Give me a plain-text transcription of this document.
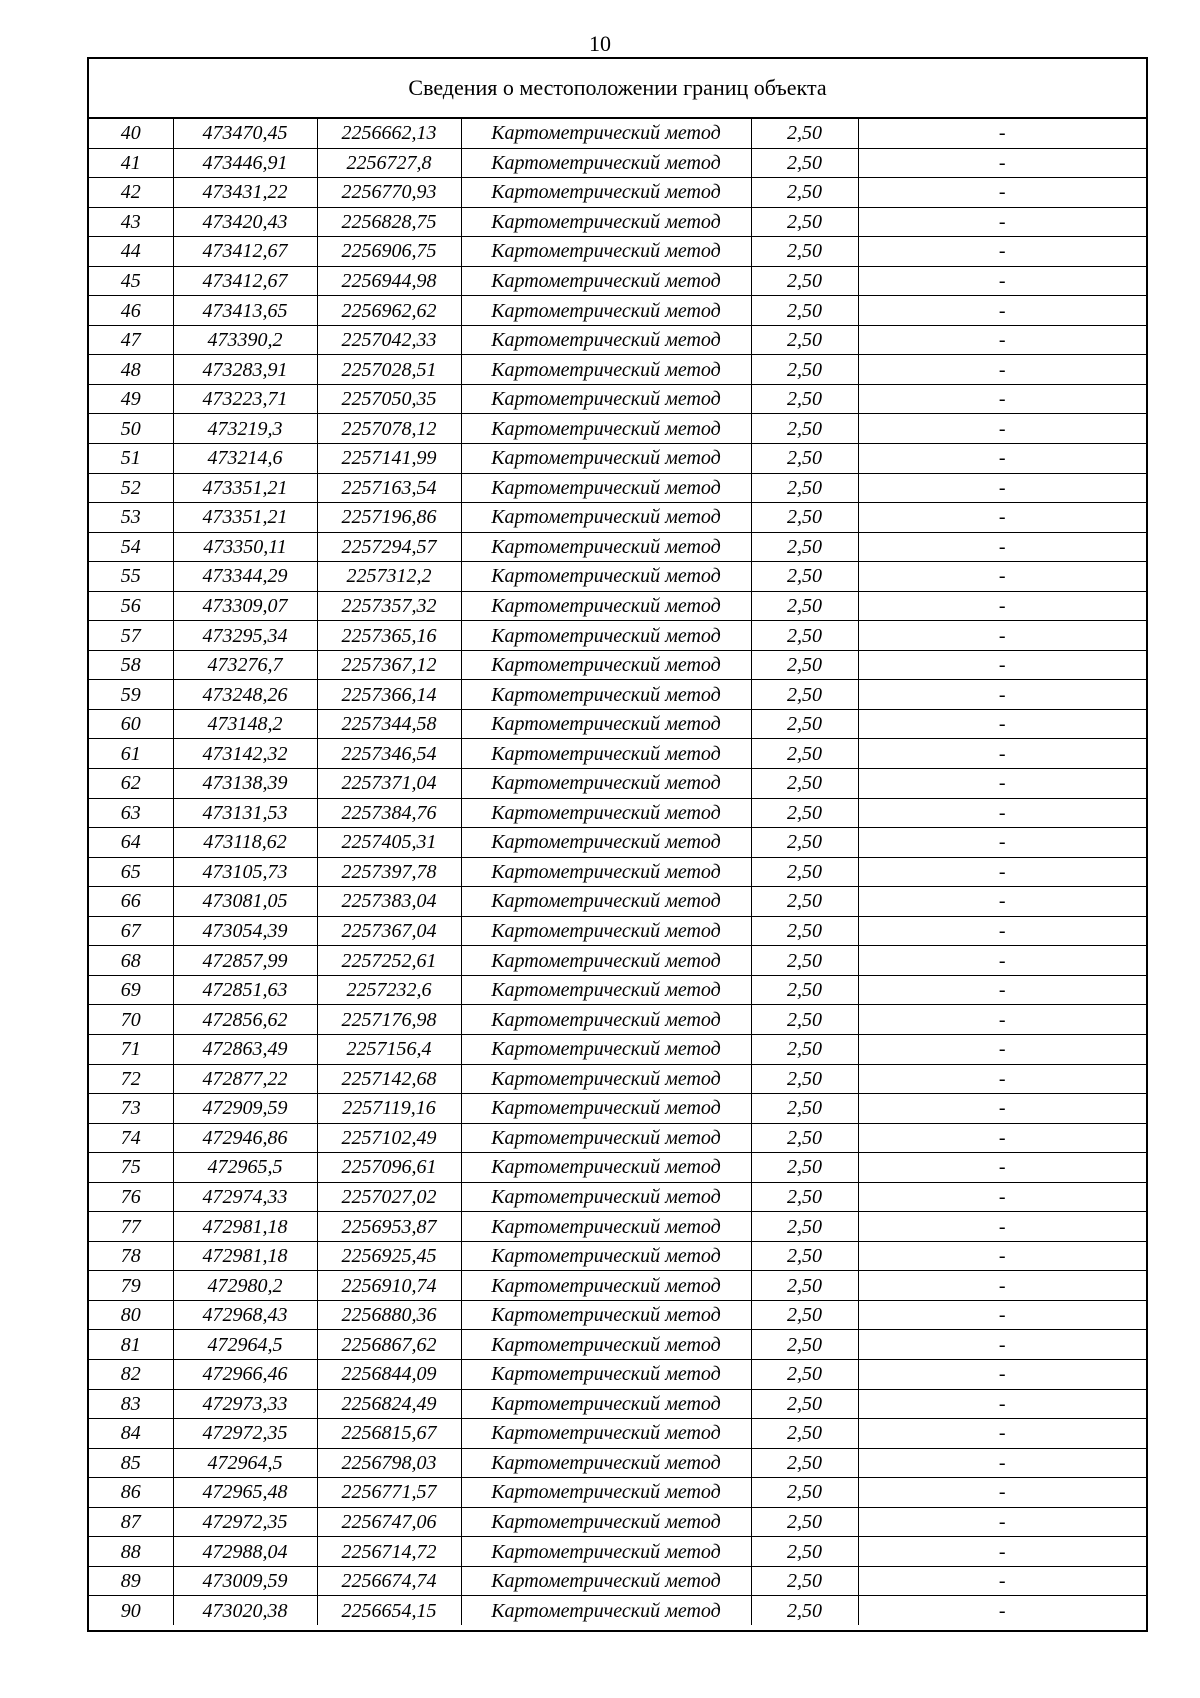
10
Сведения о местоположении границ объекта
40	473470,45	2256662,13	Картометрический метод	2,50	-
41	473446,91	2256727,8	Картометрический метод	2,50	-
42	473431,22	2256770,93	Картометрический метод	2,50	-
43	473420,43	2256828,75	Картометрический метод	2,50	-
44	473412,67	2256906,75	Картометрический метод	2,50	-
45	473412,67	2256944,98	Картометрический метод	2,50	-
46	473413,65	2256962,62	Картометрический метод	2,50	-
47	473390,2	2257042,33	Картометрический метод	2,50	-
48	473283,91	2257028,51	Картометрический метод	2,50	-
49	473223,71	2257050,35	Картометрический метод	2,50	-
50	473219,3	2257078,12	Картометрический метод	2,50	-
51	473214,6	2257141,99	Картометрический метод	2,50	-
52	473351,21	2257163,54	Картометрический метод	2,50	-
53	473351,21	2257196,86	Картометрический метод	2,50	-
54	473350,11	2257294,57	Картометрический метод	2,50	-
55	473344,29	2257312,2	Картометрический метод	2,50	-
56	473309,07	2257357,32	Картометрический метод	2,50	-
57	473295,34	2257365,16	Картометрический метод	2,50	-
58	473276,7	2257367,12	Картометрический метод	2,50	-
59	473248,26	2257366,14	Картометрический метод	2,50	-
60	473148,2	2257344,58	Картометрический метод	2,50	-
61	473142,32	2257346,54	Картометрический метод	2,50	-
62	473138,39	2257371,04	Картометрический метод	2,50	-
63	473131,53	2257384,76	Картометрический метод	2,50	-
64	473118,62	2257405,31	Картометрический метод	2,50	-
65	473105,73	2257397,78	Картометрический метод	2,50	-
66	473081,05	2257383,04	Картометрический метод	2,50	-
67	473054,39	2257367,04	Картометрический метод	2,50	-
68	472857,99	2257252,61	Картометрический метод	2,50	-
69	472851,63	2257232,6	Картометрический метод	2,50	-
70	472856,62	2257176,98	Картометрический метод	2,50	-
71	472863,49	2257156,4	Картометрический метод	2,50	-
72	472877,22	2257142,68	Картометрический метод	2,50	-
73	472909,59	2257119,16	Картометрический метод	2,50	-
74	472946,86	2257102,49	Картометрический метод	2,50	-
75	472965,5	2257096,61	Картометрический метод	2,50	-
76	472974,33	2257027,02	Картометрический метод	2,50	-
77	472981,18	2256953,87	Картометрический метод	2,50	-
78	472981,18	2256925,45	Картометрический метод	2,50	-
79	472980,2	2256910,74	Картометрический метод	2,50	-
80	472968,43	2256880,36	Картометрический метод	2,50	-
81	472964,5	2256867,62	Картометрический метод	2,50	-
82	472966,46	2256844,09	Картометрический метод	2,50	-
83	472973,33	2256824,49	Картометрический метод	2,50	-
84	472972,35	2256815,67	Картометрический метод	2,50	-
85	472964,5	2256798,03	Картометрический метод	2,50	-
86	472965,48	2256771,57	Картометрический метод	2,50	-
87	472972,35	2256747,06	Картометрический метод	2,50	-
88	472988,04	2256714,72	Картометрический метод	2,50	-
89	473009,59	2256674,74	Картометрический метод	2,50	-
90	473020,38	2256654,15	Картометрический метод	2,50	-
